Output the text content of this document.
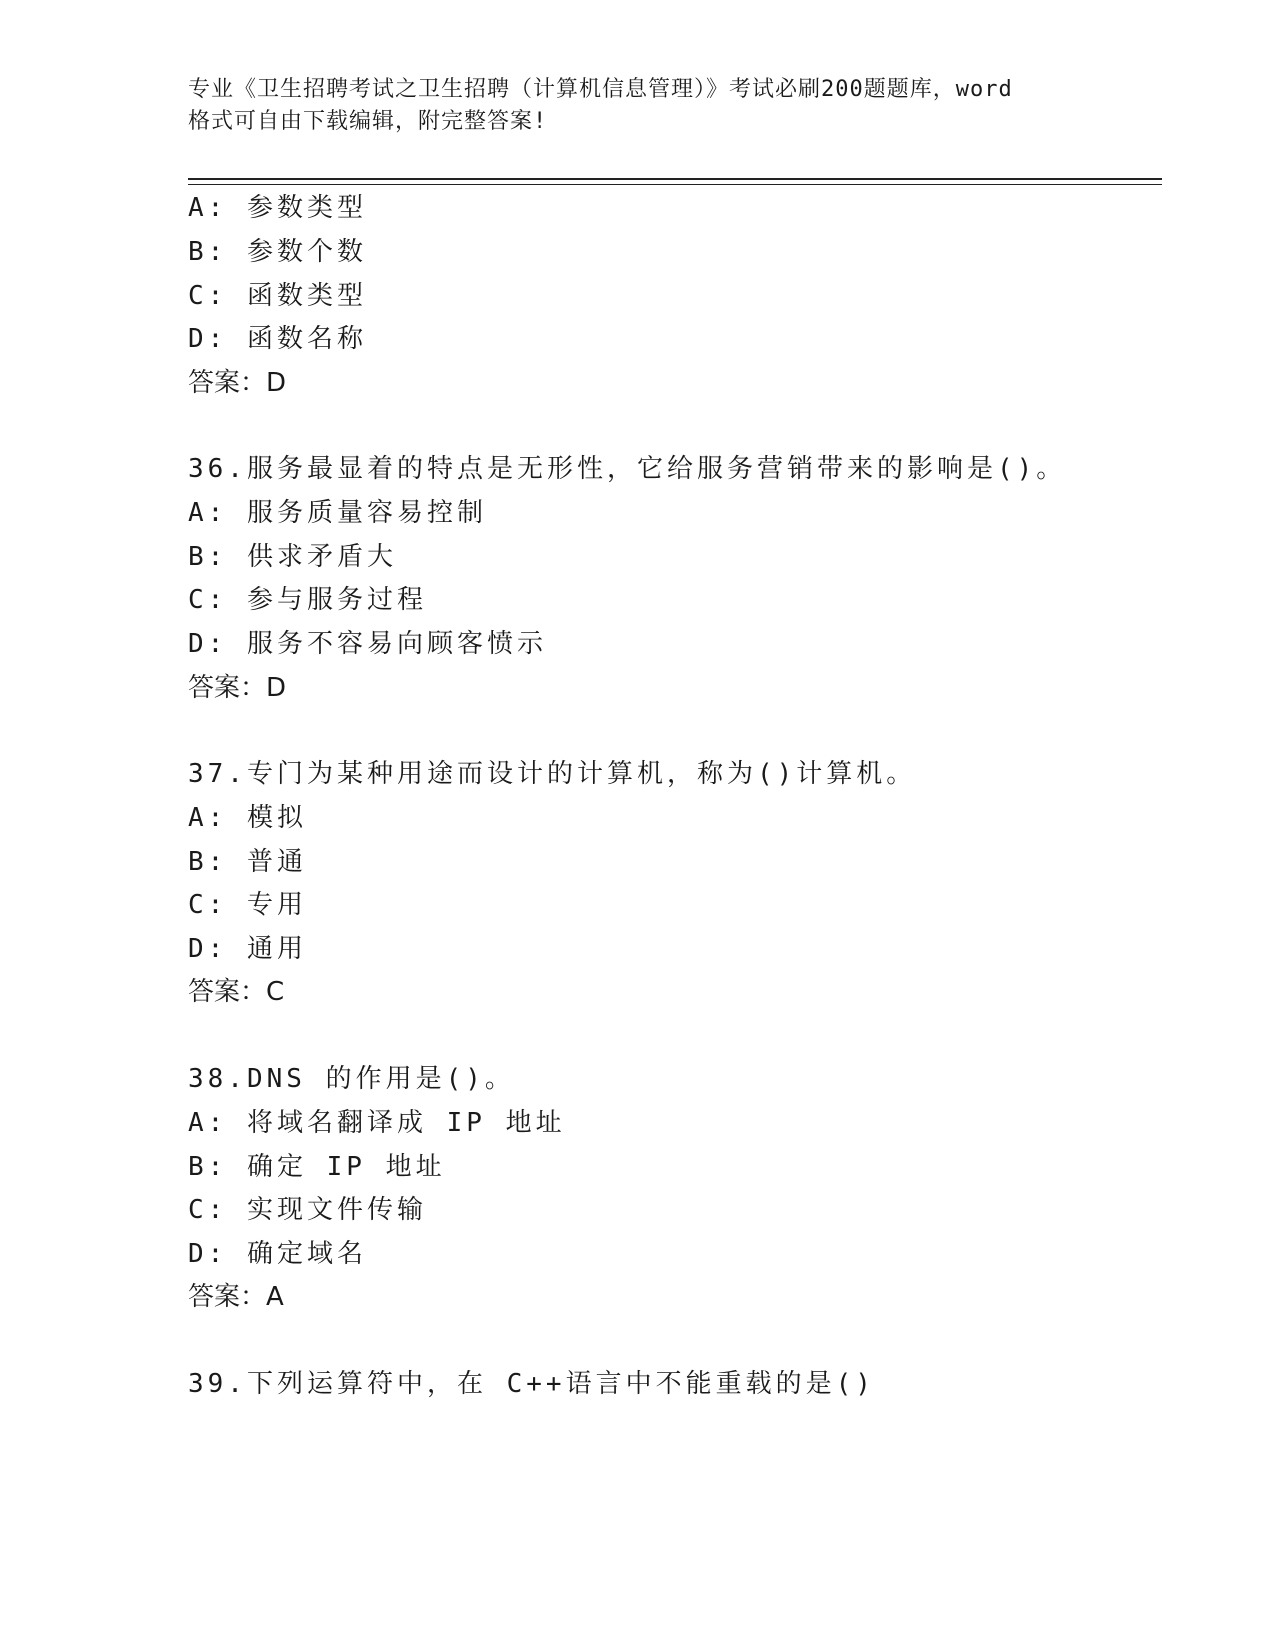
专业《卫生招聘考试之卫生招聘（计算机信息管理）》考试必刷200题题库，word
格式可自由下载编辑，附完整答案!
A: 参数类型
B: 参数个数
C: 函数类型
D: 函数名称
答案：D
36.服务最显着的特点是无形性，它给服务营销带来的影响是()。
A: 服务质量容易控制
B: 供求矛盾大
C: 参与服务过程
D: 服务不容易向顾客愤示
答案：D
37.专门为某种用途而设计的计算机，称为()计算机。
A: 模拟
B: 普通
C: 专用
D: 通用
答案：C
38.DNS 的作用是()。
A: 将域名翻译成 IP 地址
B: 确定 IP 地址
C: 实现文件传输
D: 确定域名
答案：A
39.下列运算符中，在 C++语言中不能重载的是()
